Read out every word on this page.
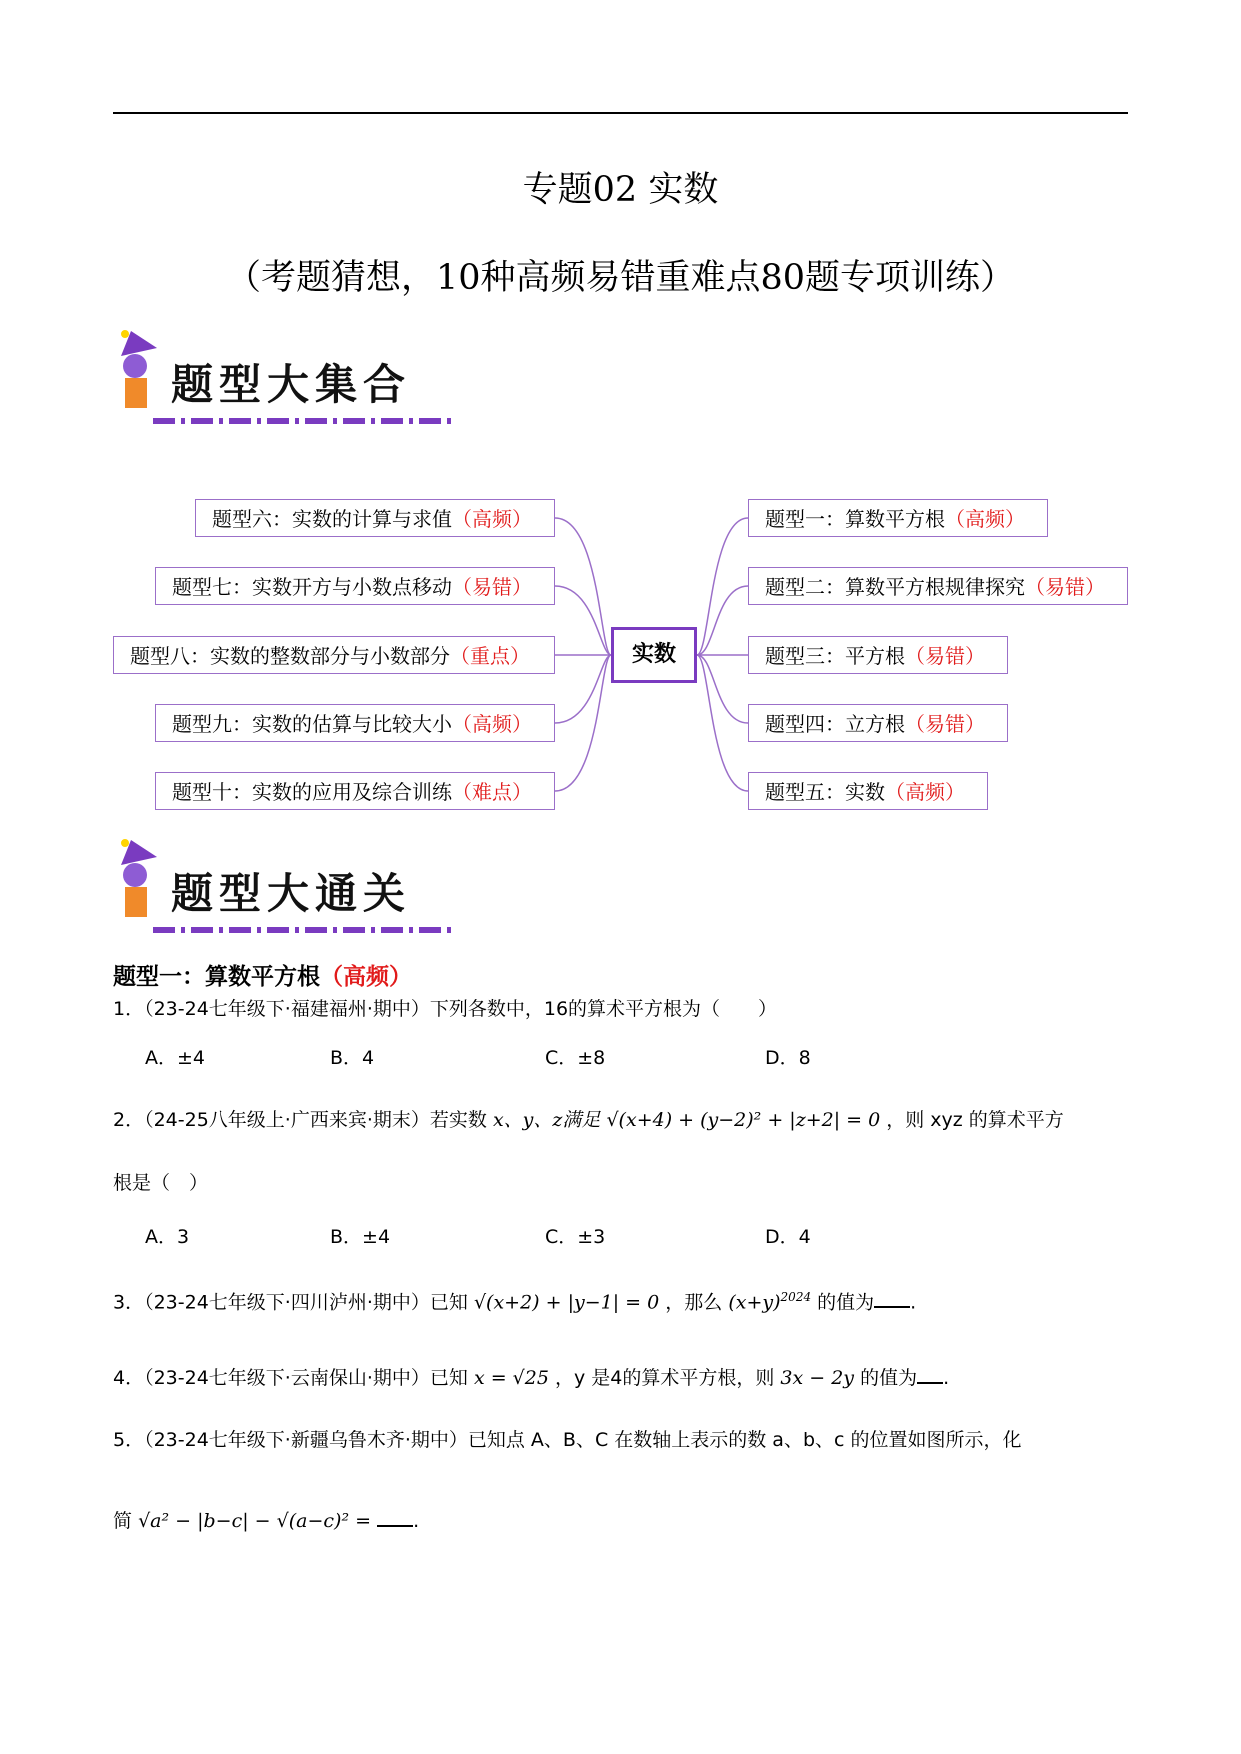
专题02 实数
（考题猜想，10种高频易错重难点80题专项训练）
题型大集合
题型六：实数的计算与求值（高频）
题型七：实数开方与小数点移动（易错）
题型八：实数的整数部分与小数部分（重点）
题型九：实数的估算与比较大小（高频）
题型十：实数的应用及综合训练（难点）
实数
题型一：算数平方根（高频）
题型二：算数平方根规律探究（易错）
题型三：平方根（易错）
题型四：立方根（易错）
题型五：实数（高频）
题型大通关
题型一：算数平方根（高频）
1．（23-24七年级下·福建福州·期中）下列各数中，16的算术平方根为（　　）
A．±4	B．4	C．±8	D．8
2．（24-25八年级上·广西来宾·期末）若实数 x、y、z满足 √(x+4) + (y−2)² + |z+2| = 0 ，则 xyz 的算术平方
根是（　）
A．3	B．±4	C．±3	D．4
3．（23-24七年级下·四川泸州·期中）已知 √(x+2) + |y−1| = 0 ，那么 $(x+y)^{2024}$ 的值为 .
4．（23-24七年级下·云南保山·期中）已知 x = √25 ，y 是4的算术平方根，则 3x − 2y 的值为 .
5．（23-24七年级下·新疆乌鲁木齐·期中）已知点 A、B、C 在数轴上表示的数 a、b、c 的位置如图所示，化
简 √a² − |b−c| − √(a−c)² = .
